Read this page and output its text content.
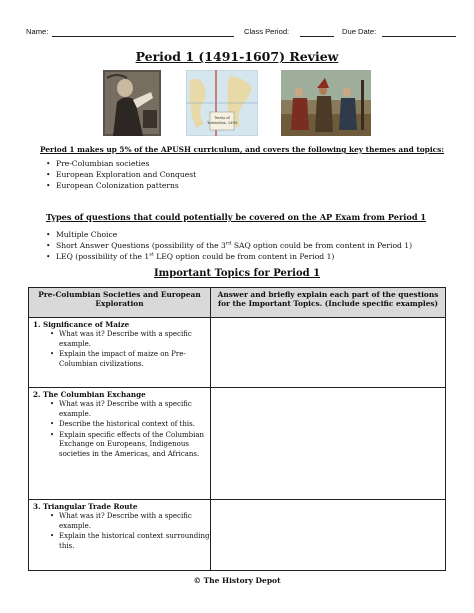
Name:	Class Period:	Due Date:
Period 1 (1491-1607) Review
Treaty of
Tordesillas, 1494
Period 1 makes up 5% of the APUSH curriculum, and covers the following key themes and topics:
• Pre-Columbian societies
• European Exploration and Conquest
• European Colonization patterns
Types of questions that could potentially be covered on the AP Exam from Period 1
• Multiple Choice
• Short Answer Questions (possibility of the 3rd SAQ option could be from content in Period 1)
• LEQ (possibility of the 1st LEQ option could be from content in Period 1)
Important Topics for Period 1
Pre-Columbian Societies and European Exploration	Answer and briefly explain each part of the questions for the Important Topics. (Include specific examples)

1. Significance of Maize
• What was it? Describe with a specific example.
• Explain the impact of maize on Pre-Columbian civilizations.

2. The Columbian Exchange
• What was it? Describe with a specific example.
• Describe the historical context of this.
• Explain specific effects of the Columbian Exchange on Europeans, Indigenous societies in the Americas, and Africans.

3. Triangular Trade Route
• What was it? Describe with a specific example.
• Explain the historical context surrounding this.

© The History Depot
